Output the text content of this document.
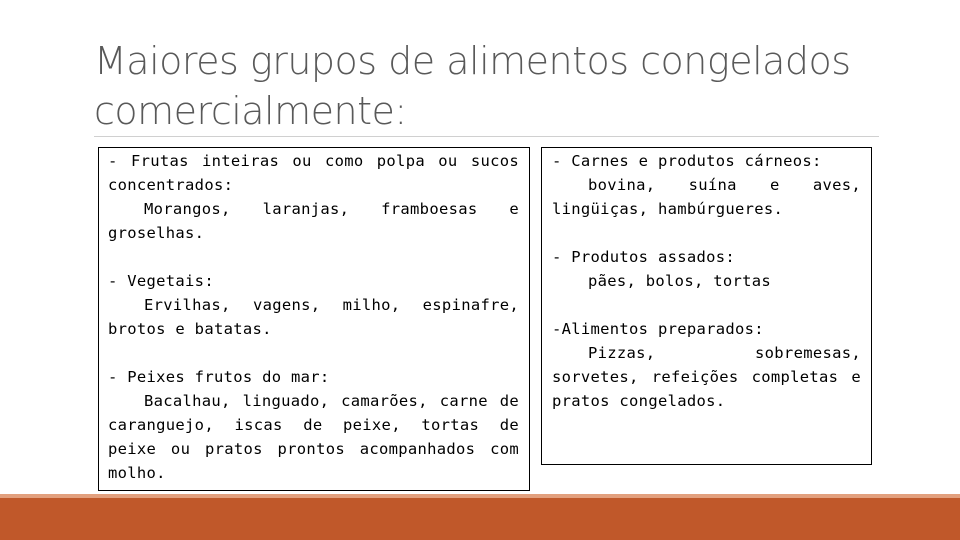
Maiores grupos de alimentos congelados comercialmente:
- Frutas inteiras ou como polpa ou sucos concentrados:
Morangos, laranjas, framboesas e groselhas.
- Vegetais:
Ervilhas, vagens, milho, espinafre, brotos e batatas.
- Peixes frutos do mar:
Bacalhau, linguado, camarões, carne de caranguejo, iscas de peixe, tortas de peixe ou pratos prontos acompanhados com molho.
- Carnes e produtos cárneos:
bovina, suína e aves, lingüiças, hambúrgueres.
- Produtos assados:
pães, bolos, tortas
-Alimentos preparados:
Pizzas, sobremesas, sorvetes, refeições completas e pratos congelados.
